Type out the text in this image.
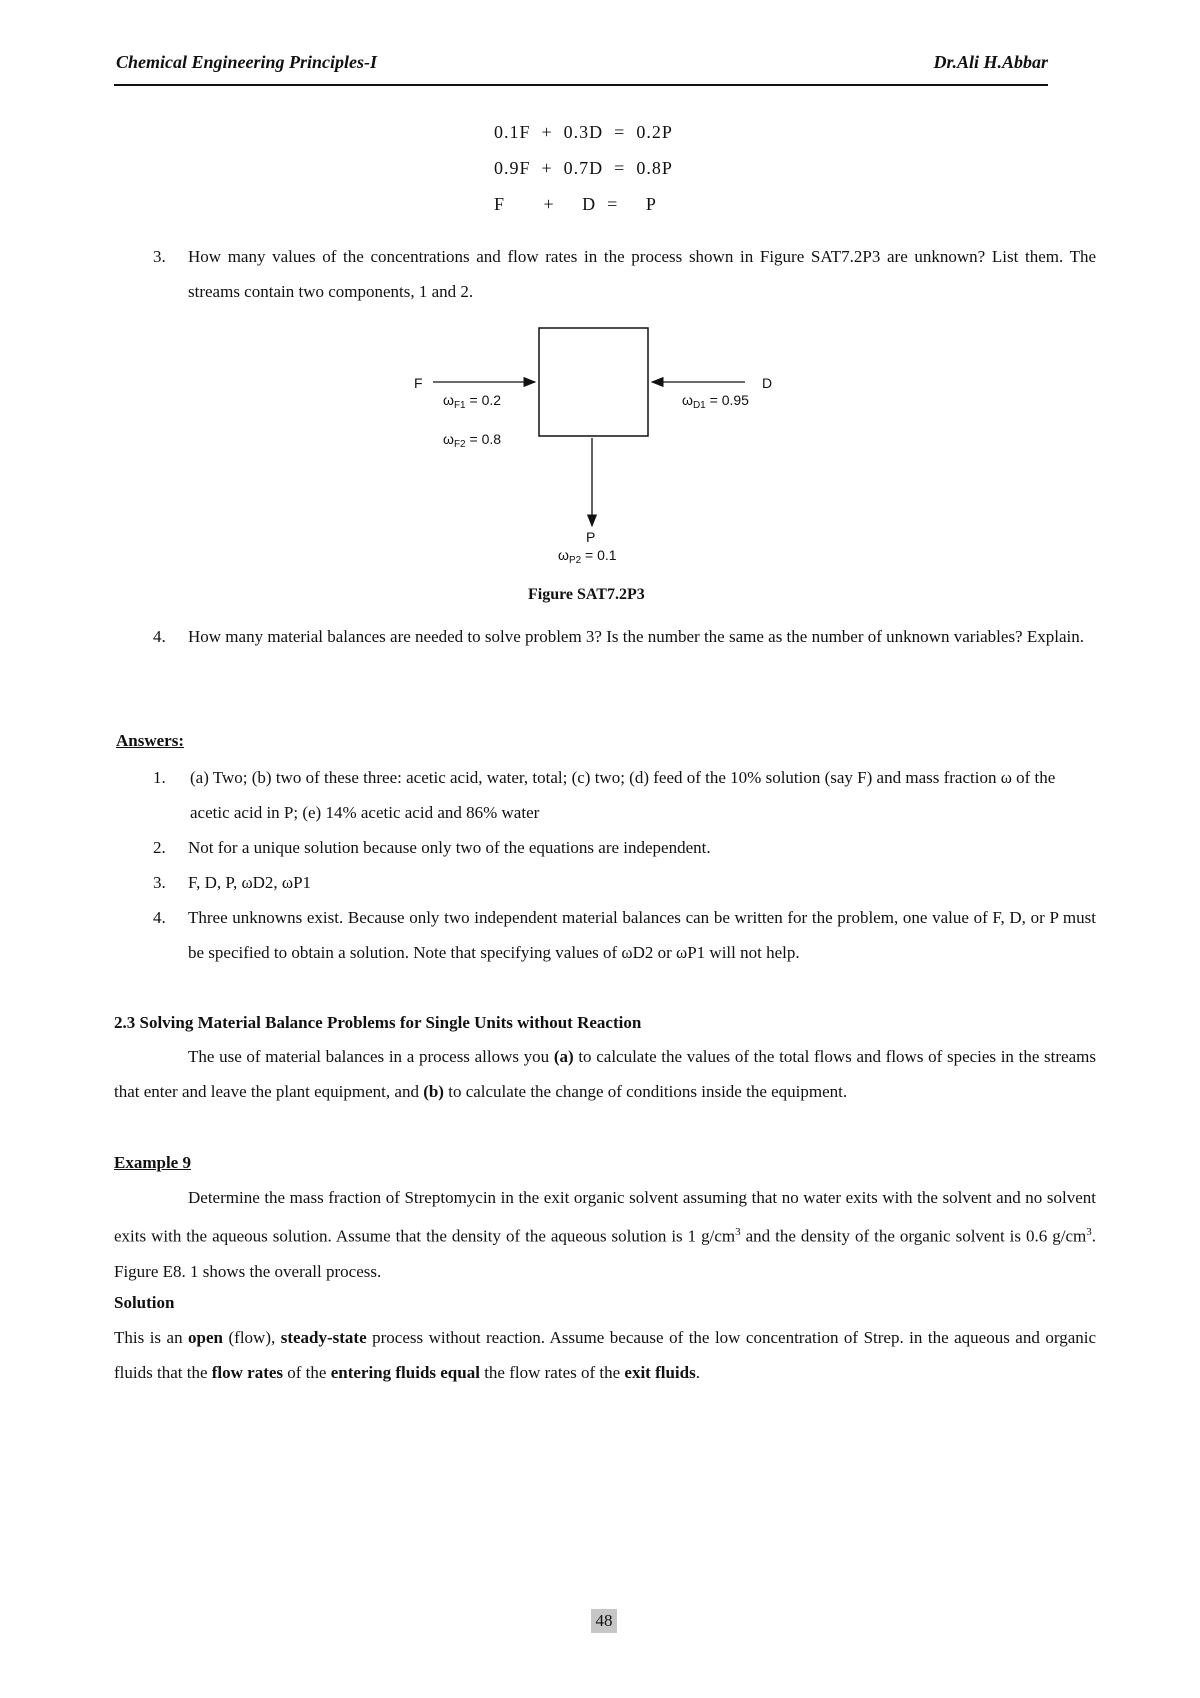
Chemical Engineering Principles-I	Dr.Ali H.Abbar
0.1F  +  0.3D  =  0.2P
0.9F  +  0.7D  =  0.8P
F       +     D  =     P
3. How many values of the concentrations and flow rates in the process shown in Figure SAT7.2P3 are unknown? List them. The streams contain two components, 1 and 2.
F	D
P
$\omega_{F1} = 0.2$
$\omega_{F2} = 0.8$
$\omega_{D1} = 0.95$
$\omega_{P2} = 0.1$
Figure SAT7.2P3
4. How many material balances are needed to solve problem 3? Is the number the same as the number of unknown variables? Explain.
Answers:
1. (a) Two; (b) two of these three: acetic acid, water, total; (c) two; (d) feed of the 10% solution (say F) and mass fraction ω of the acetic acid in P; (e) 14% acetic acid and 86% water
2. Not for a unique solution because only two of the equations are independent.
3. F, D, P, ωD2, ωP1
4. Three unknowns exist. Because only two independent material balances can be written for the problem, one value of F, D, or P must be specified to obtain a solution. Note that specifying values of ωD2 or ωP1 will not help.
2.3 Solving Material Balance Problems for Single Units without Reaction
The use of material balances in a process allows you (a) to calculate the values of the total flows and flows of species in the streams that enter and leave the plant equipment, and (b) to calculate the change of conditions inside the equipment.
Example 9
Determine the mass fraction of Streptomycin in the exit organic solvent assuming that no water exits with the solvent and no solvent exits with the aqueous solution. Assume that the density of the aqueous solution is 1 $g/cm^3$ and the density of the organic solvent is 0.6 $g/cm^3$. Figure E8. 1 shows the overall process.
Solution
This is an open (flow), steady-state process without reaction. Assume because of the low concentration of Strep. in the aqueous and organic fluids that the flow rates of the entering fluids equal the flow rates of the exit fluids.
48
